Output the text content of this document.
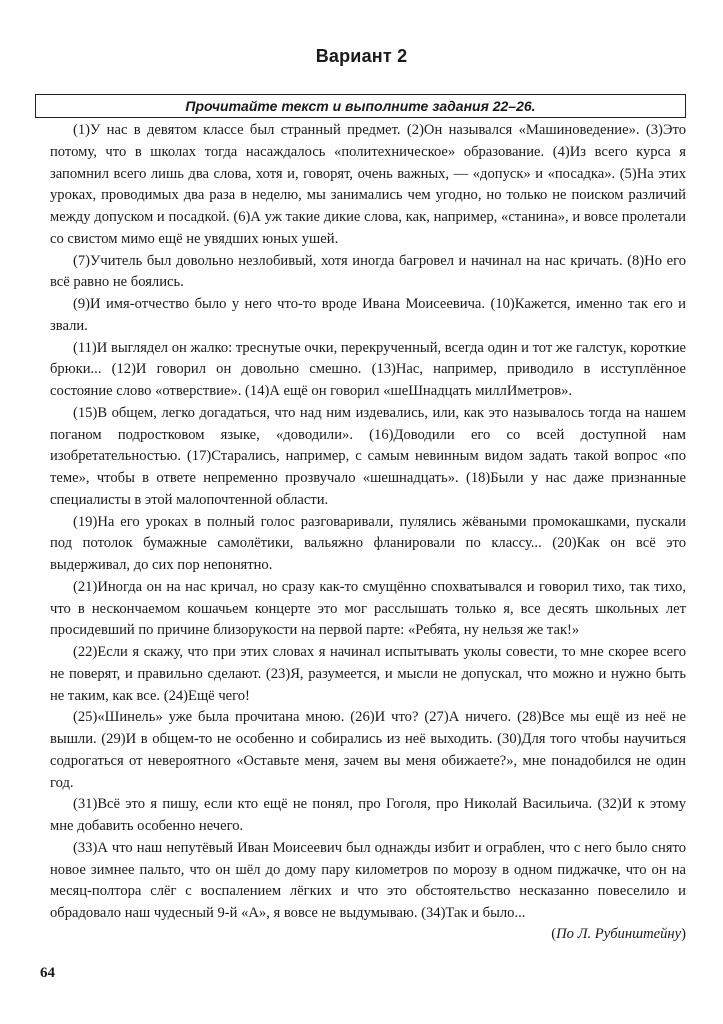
Вариант 2
Прочитайте текст и выполните задания 22–26.

(1)У нас в девятом классе был странный предмет. (2)Он назывался «Машиноведение». (3)Это потому, что в школах тогда насаждалось «политехническое» образование. (4)Из всего курса я запомнил всего лишь два слова, хотя и, говорят, очень важных, — «допуск» и «посадка». (5)На этих уроках, проводимых два раза в неделю, мы занимались чем угодно, но только не поиском различий между допуском и посадкой. (6)А уж такие дикие слова, как, например, «станина», и вовсе пролетали со свистом мимо ещё не увядших юных ушей.

(7)Учитель был довольно незлобивый, хотя иногда багровел и начинал на нас кричать. (8)Но его всё равно не боялись.

(9)И имя-отчество было у него что-то вроде Ивана Моисеевича. (10)Кажется, именно так его и звали.

(11)И выглядел он жалко: треснутые очки, перекрученный, всегда один и тот же галстук, короткие брюки... (12)И говорил он довольно смешно. (13)Нас, например, приводило в исступлённое состояние слово «отверствие». (14)А ещё он говорил «шеШнадцать миллИметров».

(15)В общем, легко догадаться, что над ним издевались, или, как это называлось тогда на нашем поганом подростковом языке, «доводили». (16)Доводили его со всей доступной нам изобретательностью. (17)Старались, например, с самым невинным видом задать такой вопрос «по теме», чтобы в ответе непременно прозвучало «шешнадцать». (18)Были у нас даже признанные специалисты в этой малопочтенной области.

(19)На его уроках в полный голос разговаривали, пулялись жёваными промокашками, пускали под потолок бумажные самолётики, вальяжно фланировали по классу... (20)Как он всё это выдерживал, до сих пор непонятно.

(21)Иногда он на нас кричал, но сразу как-то смущённо спохватывался и говорил тихо, так тихо, что в нескончаемом кошачьем концерте это мог расслышать только я, все десять школьных лет просидевший по причине близорукости на первой парте: «Ребята, ну нельзя же так!»

(22)Если я скажу, что при этих словах я начинал испытывать уколы совести, то мне скорее всего не поверят, и правильно сделают. (23)Я, разумеется, и мысли не допускал, что можно и нужно быть не таким, как все. (24)Ещё чего!

(25)«Шинель» уже была прочитана мною. (26)И что? (27)А ничего. (28)Все мы ещё из неё не вышли. (29)И в общем-то не особенно и собирались из неё выходить. (30)Для того чтобы научиться содрогаться от невероятного «Оставьте меня, зачем вы меня обижаете?», мне понадобился не один год.

(31)Всё это я пишу, если кто ещё не понял, про Гоголя, про Николай Васильича. (32)И к этому мне добавить особенно нечего.

(33)А что наш непутёвый Иван Моисеевич был однажды избит и ограблен, что с него было снято новое зимнее пальто, что он шёл до дому пару километров по морозу в одном пиджачке, что он на месяц-полтора слёг с воспалением лёгких и что это обстоятельство несказанно повеселило и обрадовало наш чудесный 9-й «А», я вовсе не выдумываю. (34)Так и было...

(По Л. Рубинштейну)
64
